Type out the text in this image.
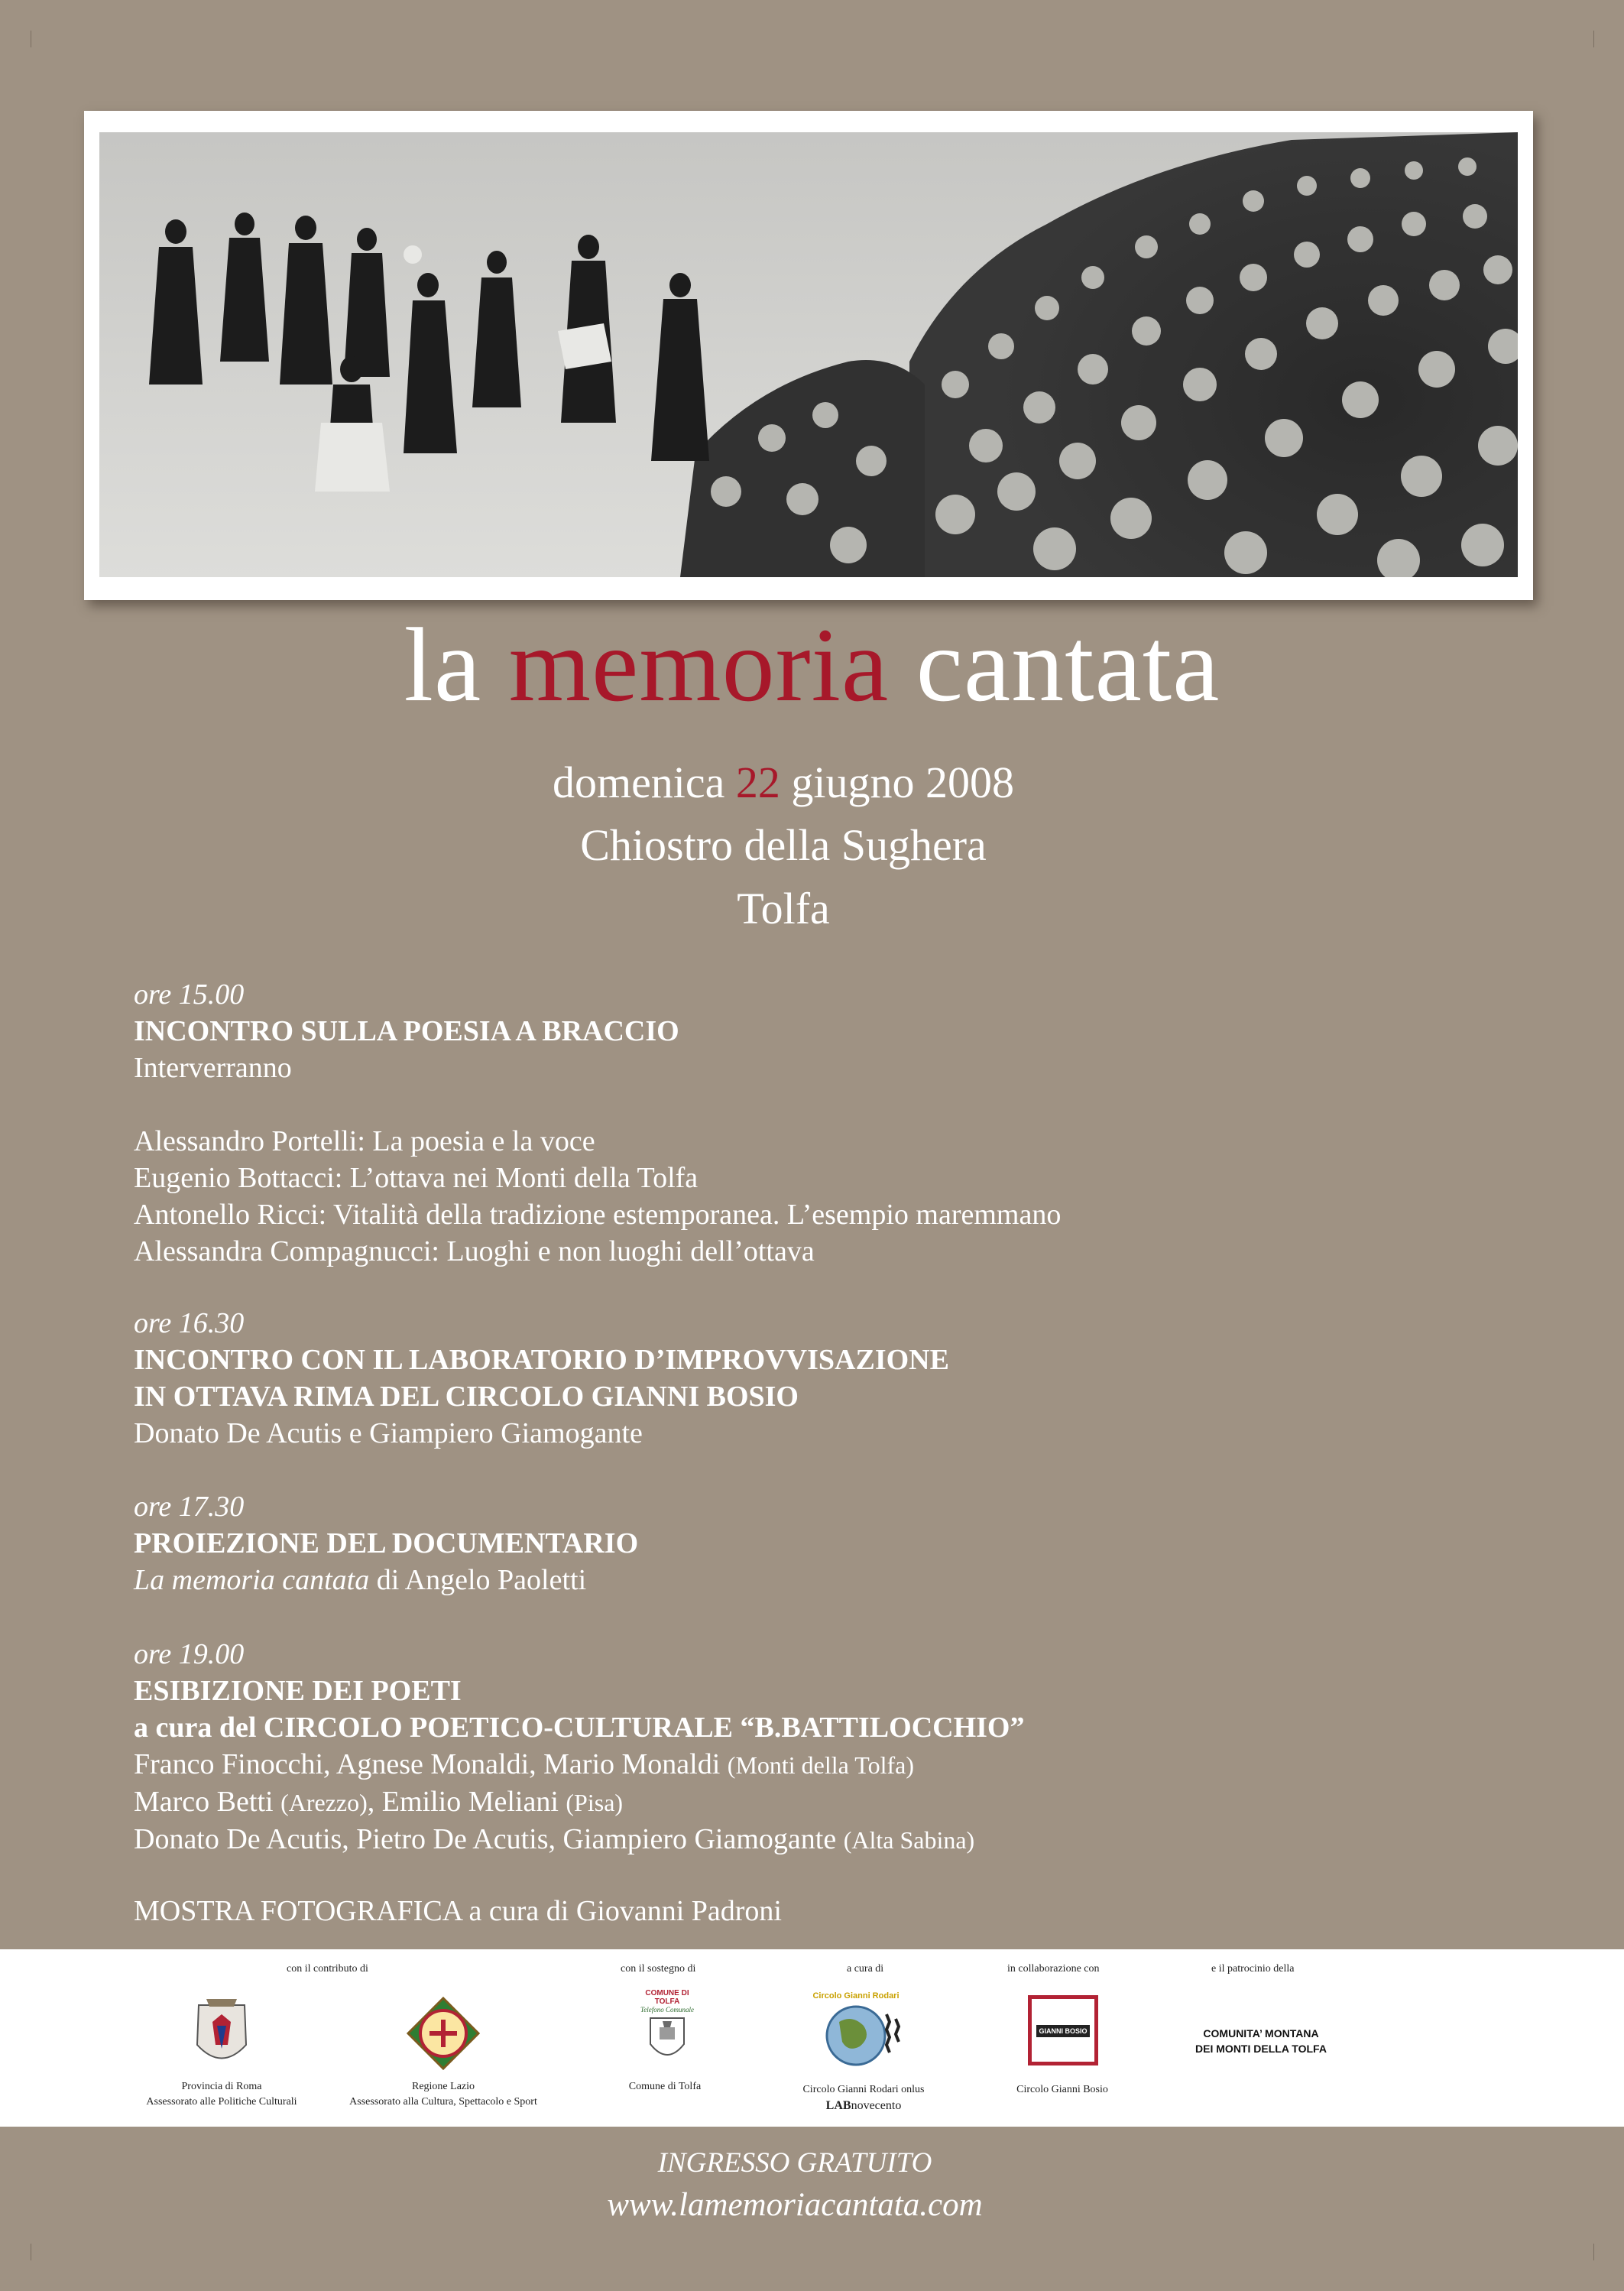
la memoria cantata
domenica 22 giugno 2008
Chiostro della Sughera
Tolfa
ore 15.00
INCONTRO SULLA POESIA A BRACCIO
Interverranno
Alessandro Portelli: La poesia e la voce
Eugenio Bottacci: L’ottava nei Monti della Tolfa
Antonello Ricci: Vitalità della tradizione estemporanea. L’esempio maremmano
Alessandra Compagnucci: Luoghi e non luoghi dell’ottava
ore 16.30
INCONTRO CON IL LABORATORIO D’IMPROVVISAZIONE
IN OTTAVA RIMA DEL CIRCOLO GIANNI BOSIO
Donato De Acutis e Giampiero Giamogante
ore 17.30
PROIEZIONE DEL DOCUMENTARIO
La memoria cantata di Angelo Paoletti
ore 19.00
ESIBIZIONE DEI POETI
a cura del CIRCOLO POETICO-CULTURALE “B.BATTILOCCHIO”
Franco Finocchi, Agnese Monaldi, Mario Monaldi (Monti della Tolfa)
Marco Betti (Arezzo), Emilio Meliani (Pisa)
Donato De Acutis, Pietro De Acutis, Giampiero Giamogante (Alta Sabina)
MOSTRA FOTOGRAFICA a cura di Giovanni Padroni
con il contributo di	con il sostegno di	a cura di	in collaborazione con	e il patrocinio della
Provincia di Roma
Assessorato alle Politiche Culturali
Regione Lazio
Assessorato alla Cultura, Spettacolo e Sport
COMUNE DI TOLFA
Telefono Comunale
Comune di Tolfa
Circolo Gianni Rodari
Circolo Gianni Rodari onlus
LABnovecento
GIANNI BOSIO
Circolo Gianni Bosio
COMUNITA’ MONTANA
DEI MONTI DELLA TOLFA
INGRESSO GRATUITO
www.lamemoriacantata.com
